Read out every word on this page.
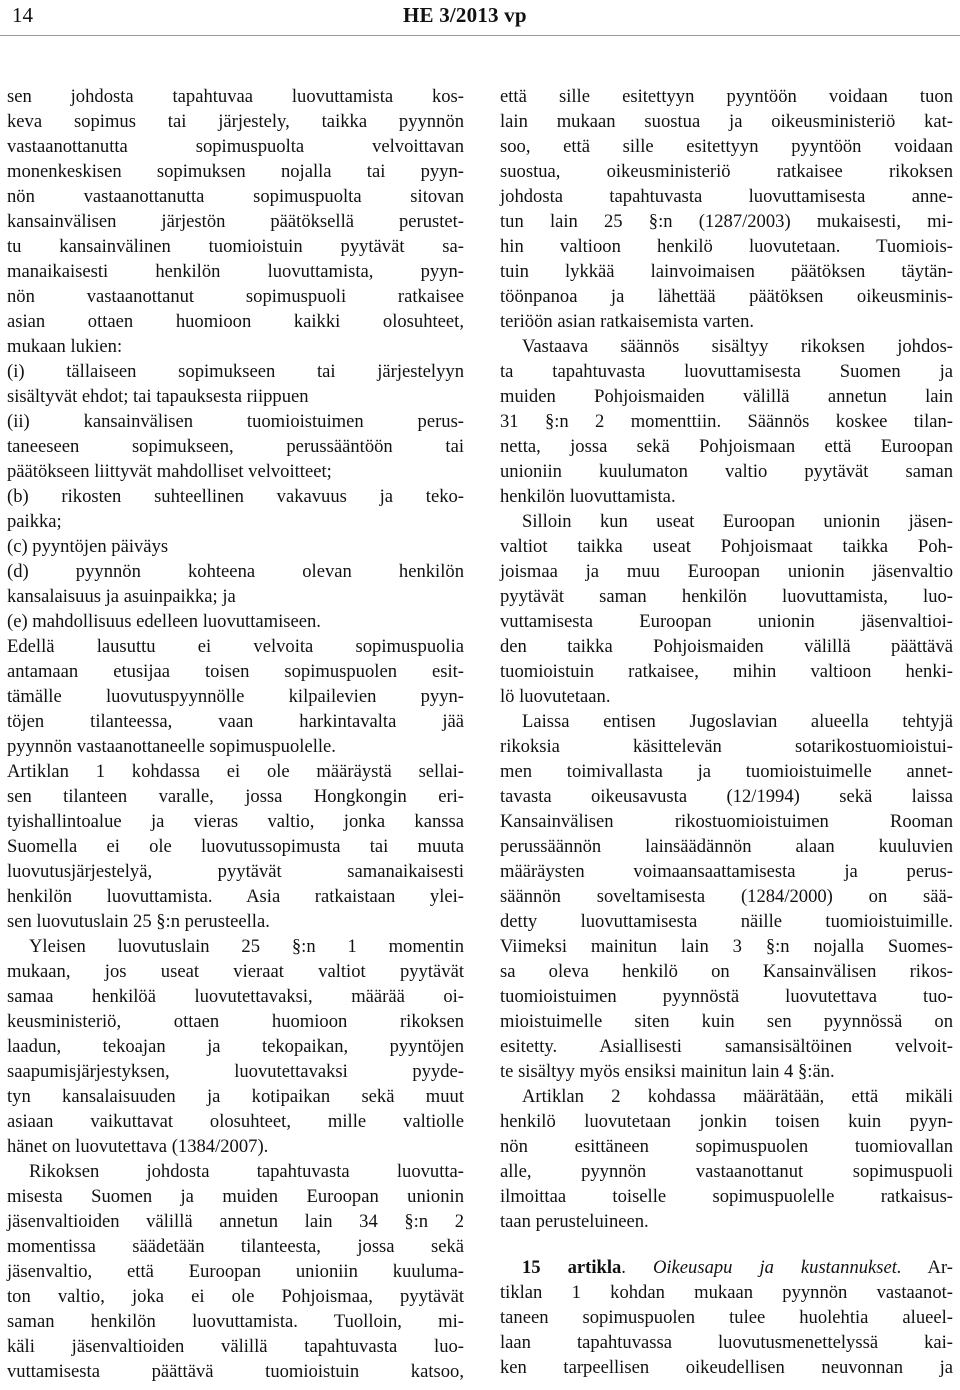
14	HE 3/2013 vp
sen johdosta tapahtuvaa luovuttamista kos-
keva sopimus tai järjestely, taikka pyynnön
vastaanottanutta sopimuspuolta velvoittavan
monenkeskisen sopimuksen nojalla tai pyyn-
nön vastaanottanutta sopimuspuolta sitovan
kansainvälisen järjestön päätöksellä perustet-
tu kansainvälinen tuomioistuin pyytävät sa-
manaikaisesti henkilön luovuttamista, pyyn-
nön vastaanottanut sopimuspuoli ratkaisee
asian ottaen huomioon kaikki olosuhteet,
mukaan lukien:
(i) tällaiseen sopimukseen tai järjestelyyn
sisältyvät ehdot; tai tapauksesta riippuen
(ii) kansainvälisen tuomioistuimen perus-
taneeseen sopimukseen, perussääntöön tai
päätökseen liittyvät mahdolliset velvoitteet;
(b) rikosten suhteellinen vakavuus ja teko-
paikka;
(c) pyyntöjen päiväys
(d) pyynnön kohteena olevan henkilön
kansalaisuus ja asuinpaikka; ja
(e) mahdollisuus edelleen luovuttamiseen.
Edellä lausuttu ei velvoita sopimuspuolia
antamaan etusijaa toisen sopimuspuolen esit-
tämälle luovutuspyynnölle kilpailevien pyyn-
töjen tilanteessa, vaan harkintavalta jää
pyynnön vastaanottaneelle sopimuspuolelle.
Artiklan 1 kohdassa ei ole määräystä sellai-
sen tilanteen varalle, jossa Hongkongin eri-
tyishallintoalue ja vieras valtio, jonka kanssa
Suomella ei ole luovutussopimusta tai muuta
luovutusjärjestelyä, pyytävät samanaikaisesti
henkilön luovuttamista. Asia ratkaistaan ylei-
sen luovutuslain 25 §:n perusteella.
Yleisen luovutuslain 25 §:n 1 momentin
mukaan, jos useat vieraat valtiot pyytävät
samaa henkilöä luovutettavaksi, määrää oi-
keusministeriö, ottaen huomioon rikoksen
laadun, tekoajan ja tekopaikan, pyyntöjen
saapumisjärjestyksen, luovutettavaksi pyyde-
tyn kansalaisuuden ja kotipaikan sekä muut
asiaan vaikuttavat olosuhteet, mille valtiolle
hänet on luovutettava (1384/2007).
Rikoksen johdosta tapahtuvasta luovutta-
misesta Suomen ja muiden Euroopan unionin
jäsenvaltioiden välillä annetun lain 34 §:n 2
momentissa säädetään tilanteesta, jossa sekä
jäsenvaltio, että Euroopan unioniin kuuluma-
ton valtio, joka ei ole Pohjoismaa, pyytävät
saman henkilön luovuttamista. Tuolloin, mi-
käli jäsenvaltioiden välillä tapahtuvasta luo-
vuttamisesta päättävä tuomioistuin katsoo,
että sille esitettyyn pyyntöön voidaan tuon
lain mukaan suostua ja oikeusministeriö kat-
soo, että sille esitettyyn pyyntöön voidaan
suostua, oikeusministeriö ratkaisee rikoksen
johdosta tapahtuvasta luovuttamisesta anne-
tun lain 25 §:n (1287/2003) mukaisesti, mi-
hin valtioon henkilö luovutetaan. Tuomiois-
tuin lykkää lainvoimaisen päätöksen täytän-
töönpanoa ja lähettää päätöksen oikeusminis-
teriöön asian ratkaisemista varten.
Vastaava säännös sisältyy rikoksen johdos-
ta tapahtuvasta luovuttamisesta Suomen ja
muiden Pohjoismaiden välillä annetun lain
31 §:n 2 momenttiin. Säännös koskee tilan-
netta, jossa sekä Pohjoismaan että Euroopan
unioniin kuulumaton valtio pyytävät saman
henkilön luovuttamista.
Silloin kun useat Euroopan unionin jäsen-
valtiot taikka useat Pohjoismaat taikka Poh-
joismaa ja muu Euroopan unionin jäsenvaltio
pyytävät saman henkilön luovuttamista, luo-
vuttamisesta Euroopan unionin jäsenvaltioi-
den taikka Pohjoismaiden välillä päättävä
tuomioistuin ratkaisee, mihin valtioon henki-
lö luovutetaan.
Laissa entisen Jugoslavian alueella tehtyjä
rikoksia käsittelevän sotarikostuomioistui-
men toimivallasta ja tuomioistuimelle annet-
tavasta oikeusavusta (12/1994) sekä laissa
Kansainvälisen rikostuomioistuimen Rooman
perussäännön lainsäädännön alaan kuuluvien
määräysten voimaansaattamisesta ja perus-
säännön soveltamisesta (1284/2000) on sää-
detty luovuttamisesta näille tuomioistuimille.
Viimeksi mainitun lain 3 §:n nojalla Suomes-
sa oleva henkilö on Kansainvälisen rikos-
tuomioistuimen pyynnöstä luovutettava tuo-
mioistuimelle siten kuin sen pyynnössä on
esitetty. Asiallisesti samansisältöinen velvoit-
te sisältyy myös ensiksi mainitun lain 4 §:än.
Artiklan 2 kohdassa määrätään, että mikäli
henkilö luovutetaan jonkin toisen kuin pyyn-
nön esittäneen sopimuspuolen tuomiovallan
alle, pyynnön vastaanottanut sopimuspuoli
ilmoittaa toiselle sopimuspuolelle ratkaisus-
taan perusteluineen.
15 artikla. Oikeusapu ja kustannukset. Ar-
tiklan 1 kohdan mukaan pyynnön vastaanot-
taneen sopimuspuolen tulee huolehtia alueel-
laan tapahtuvassa luovutusmenettelyssä kai-
ken tarpeellisen oikeudellisen neuvonnan ja
